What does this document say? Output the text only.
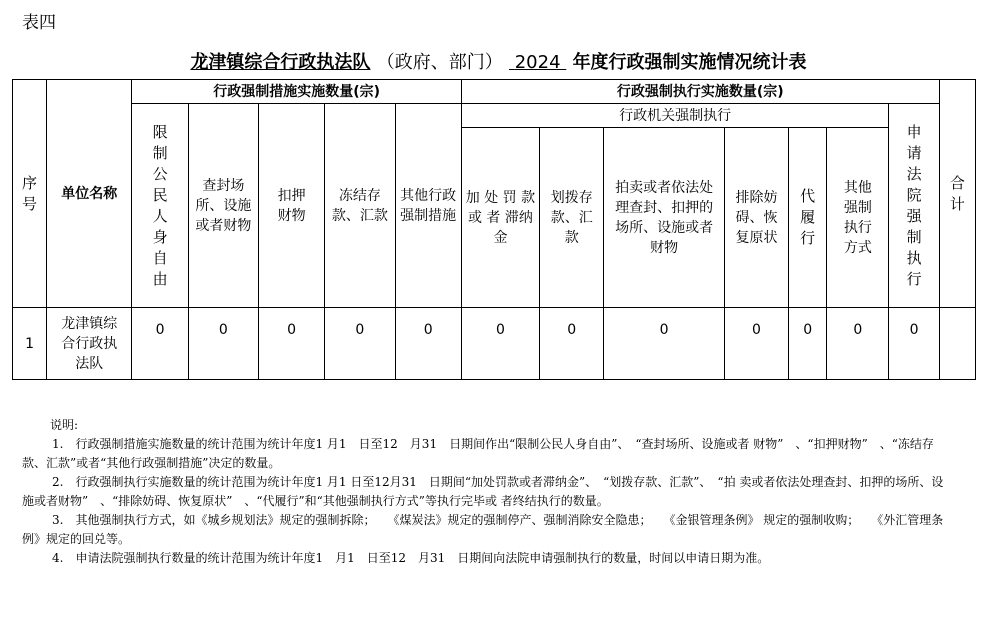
表四
龙津镇综合行政执法队 （政府、部门） 2024 年度行政强制实施情况统计表
序号	单位名称	行政强制措施实施数量(宗)					行政强制执行实施数量(宗)							合计
		限制公民人身自由	查封场所、设施或者财物	扣押财物	冻结存款、汇款	其他行政强制措施	行政机关强制执行						申请法院强制执行	
							加 处 罚 款 或 者 滞纳金	划拨存款、汇款	拍卖或者依法处理查封、扣押的场所、设施或者财物	排除妨碍、恢复原状	代履行	其他强制执行方式		
1	龙津镇综合行政执法队	0	0	0	0	0	0	0	0	0	0	0	0	

说明:

1.　行政强制措施实施数量的统计范围为统计年度1 月1　日至12　月31　日期间作出“限制公民人身自由”、　“查封场所、设施或者 财物”　、“扣押财物”　、“冻结存款、汇款”或者“其他行政强制措施”决定的数量。

2.　行政强制执行实施数量的统计范围为统计年度1 月1 日至12月31　日期间“加处罚款或者滞纳金”、　“划拨存款、汇款”、　“拍 卖或者依法处理查封、扣押的场所、设施或者财物”　、“排除妨碍、恢复原状”　、“代履行”和“其他强制执行方式”等执行完毕或 者终结执行的数量。

3.　其他强制执行方式，如《城乡规划法》规定的强制拆除；　　《煤炭法》规定的强制停产、强制消除安全隐患；　　《金银管理条例》 规定的强制收购；　　《外汇管理条例》规定的回兑等。

4.　申请法院强制执行数量的统计范围为统计年度1　月1　日至12　月31　日期间向法院申请强制执行的数量，时间以申请日期为准。
